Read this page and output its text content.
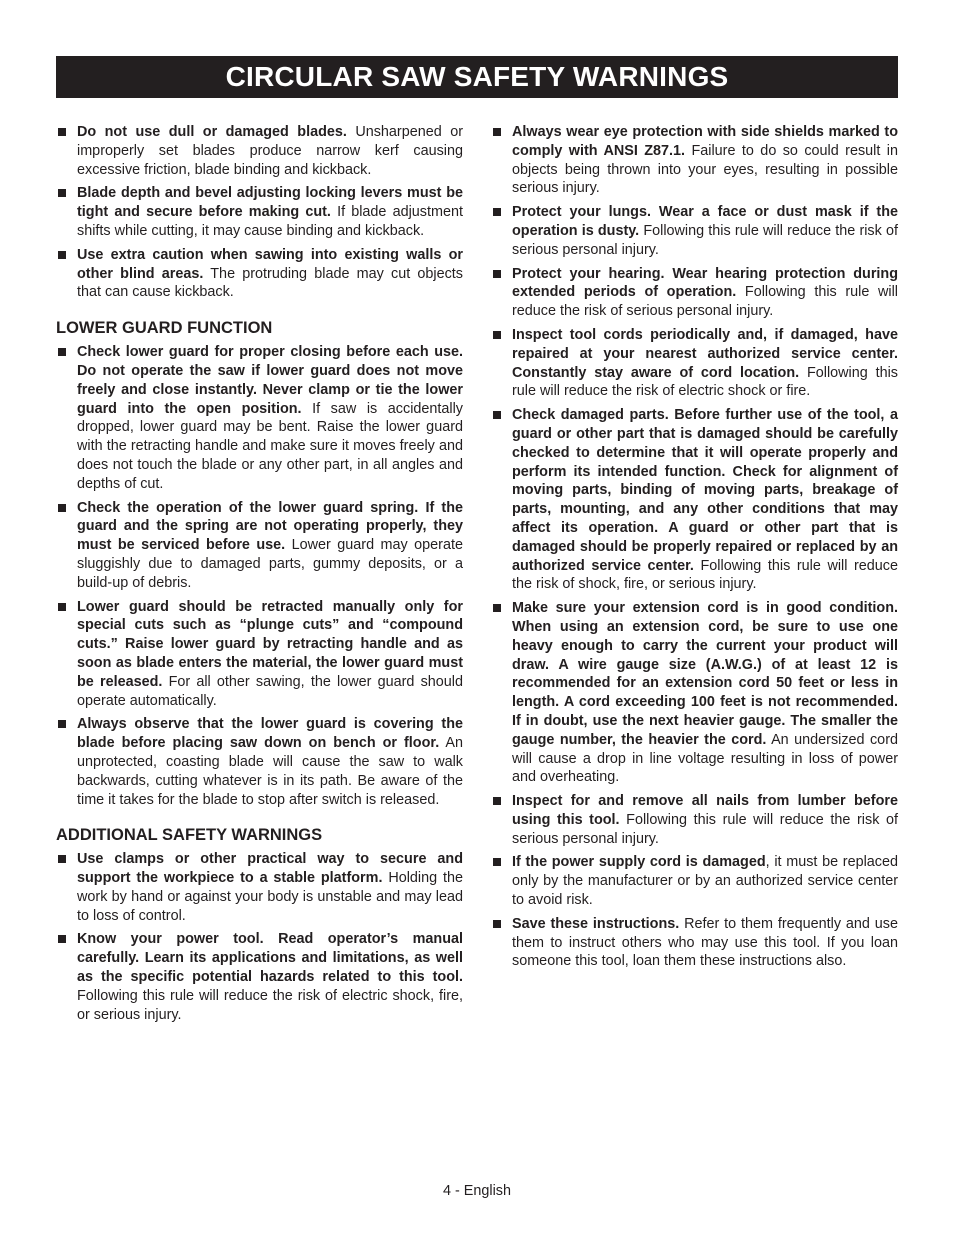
CIRCULAR SAW SAFETY WARNINGS

Do not use dull or damaged blades. Unsharpened or improperly set blades produce narrow kerf causing excessive friction, blade binding and kickback.

Blade depth and bevel adjusting locking levers must be tight and secure before making cut. If blade adjustment shifts while cutting, it may cause binding and kickback.

Use extra caution when sawing into existing walls or other blind areas. The protruding blade may cut objects that can cause kickback.

LOWER GUARD FUNCTION

Check lower guard for proper closing before each use. Do not operate the saw if lower guard does not move freely and close instantly. Never clamp or tie the lower guard into the open position. If saw is accidentally dropped, lower guard may be bent. Raise the lower guard with the retracting handle and make sure it moves freely and does not touch the blade or any other part, in all angles and depths of cut.

Check the operation of the lower guard spring. If the guard and the spring are not operating properly, they must be serviced before use. Lower guard may operate sluggishly due to damaged parts, gummy deposits, or a build-up of debris.

Lower guard should be retracted manually only for special cuts such as “plunge cuts” and “compound cuts.” Raise lower guard by retracting handle and as soon as blade enters the material, the lower guard must be released. For all other sawing, the lower guard should operate automatically.

Always observe that the lower guard is covering the blade before placing saw down on bench or floor. An unprotected, coasting blade will cause the saw to walk backwards, cutting whatever is in its path. Be aware of the time it takes for the blade to stop after switch is released.

ADDITIONAL SAFETY WARNINGS

Use clamps or other practical way to secure and support the workpiece to a stable platform. Holding the work by hand or against your body is unstable and may lead to loss of control.

Know your power tool. Read operator’s manual carefully. Learn its applications and limitations, as well as the specific potential hazards related to this tool. Following this rule will reduce the risk of electric shock, fire, or serious injury.

Always wear eye protection with side shields marked to comply with ANSI Z87.1. Failure to do so could result in objects being thrown into your eyes, resulting in possible serious injury.

Protect your lungs. Wear a face or dust mask if the operation is dusty. Following this rule will reduce the risk of serious personal injury.

Protect your hearing. Wear hearing protection during extended periods of operation. Following this rule will reduce the risk of serious personal injury.

Inspect tool cords periodically and, if damaged, have repaired at your nearest authorized service center. Constantly stay aware of cord location. Following this rule will reduce the risk of electric shock or fire.

Check damaged parts. Before further use of the tool, a guard or other part that is damaged should be carefully checked to determine that it will operate properly and perform its intended function. Check for alignment of moving parts, binding of moving parts, breakage of parts, mounting, and any other conditions that may affect its operation. A guard or other part that is damaged should be properly repaired or replaced by an authorized service center. Following this rule will reduce the risk of shock, fire, or serious injury.

Make sure your extension cord is in good condition. When using an extension cord, be sure to use one heavy enough to carry the current your product will draw. A wire gauge size (A.W.G.) of at least 12 is recommended for an extension cord 50 feet or less in length. A cord exceeding 100 feet is not recommended. If in doubt, use the next heavier gauge. The smaller the gauge number, the heavier the cord. An undersized cord will cause a drop in line voltage resulting in loss of power and overheating.

Inspect for and remove all nails from lumber before using this tool. Following this rule will reduce the risk of serious personal injury.

If the power supply cord is damaged, it must be replaced only by the manufacturer or by an authorized service center to avoid risk.

Save these instructions. Refer to them frequently and use them to instruct others who may use this tool. If you loan someone this tool, loan them these instructions also.

4 - English
